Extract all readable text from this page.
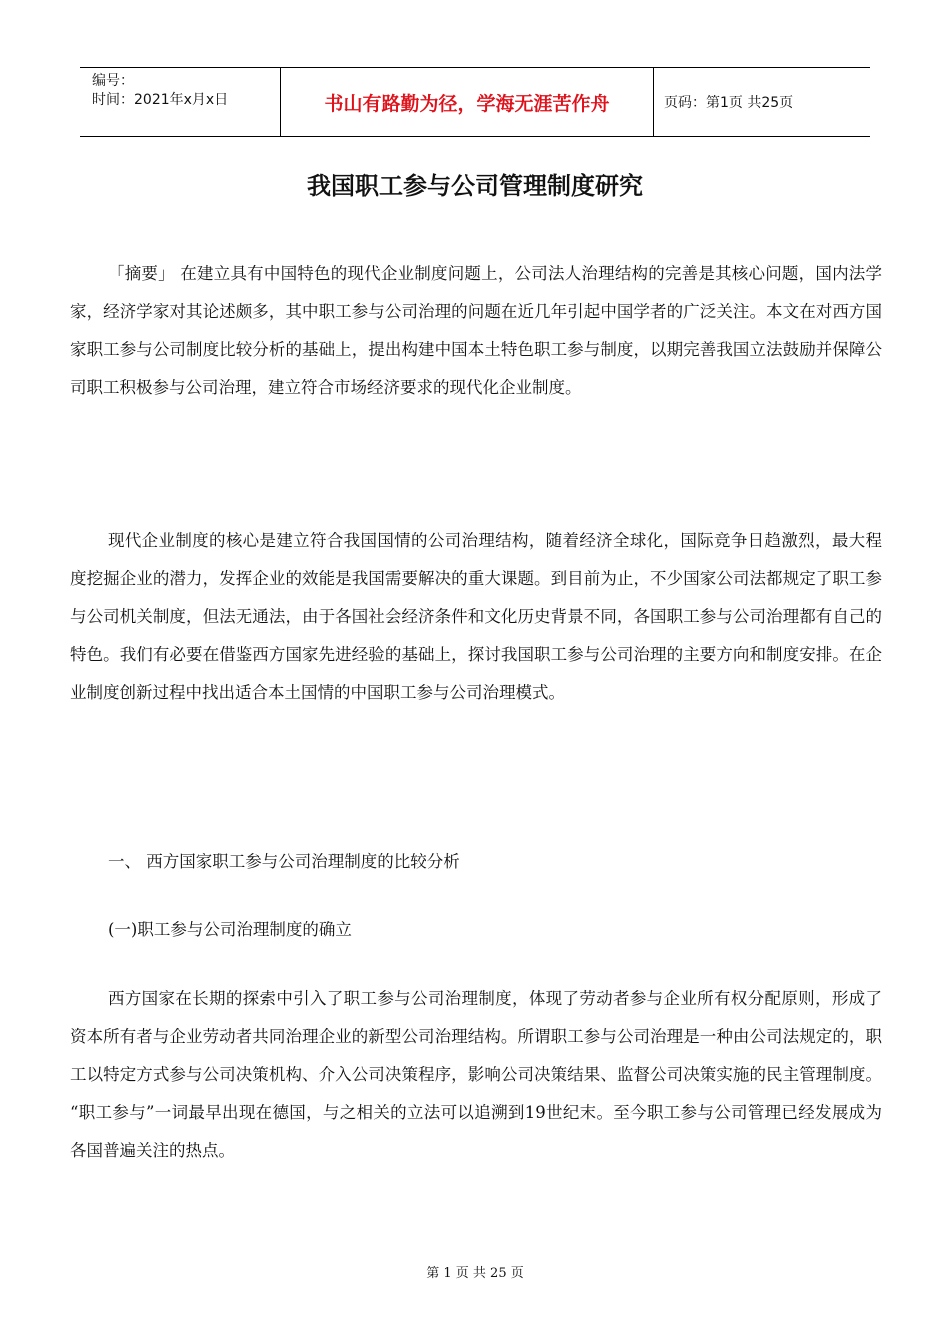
编号：
时间：2021年x月x日	书山有路勤为径，学海无涯苦作舟	页码：第1页 共25页
我国职工参与公司管理制度研究

「摘要」 在建立具有中国特色的现代企业制度问题上，公司法人治理结构的完善是其核心问题，国内法学家，经济学家对其论述颇多，其中职工参与公司治理的问题在近几年引起中国学者的广泛关注。本文在对西方国家职工参与公司制度比较分析的基础上，提出构建中国本土特色职工参与制度，以期完善我国立法鼓励并保障公司职工积极参与公司治理，建立符合市场经济要求的现代化企业制度。

现代企业制度的核心是建立符合我国国情的公司治理结构，随着经济全球化，国际竞争日趋激烈，最大程度挖掘企业的潜力，发挥企业的效能是我国需要解决的重大课题。到目前为止，不少国家公司法都规定了职工参与公司机关制度，但法无通法，由于各国社会经济条件和文化历史背景不同，各国职工参与公司治理都有自己的特色。我们有必要在借鉴西方国家先进经验的基础上，探讨我国职工参与公司治理的主要方向和制度安排。在企业制度创新过程中找出适合本土国情的中国职工参与公司治理模式。

一、 西方国家职工参与公司治理制度的比较分析

(一)职工参与公司治理制度的确立

西方国家在长期的探索中引入了职工参与公司治理制度，体现了劳动者参与企业所有权分配原则，形成了资本所有者与企业劳动者共同治理企业的新型公司治理结构。所谓职工参与公司治理是一种由公司法规定的，职工以特定方式参与公司决策机构、介入公司决策程序，影响公司决策结果、监督公司决策实施的民主管理制度。 “职工参与”一词最早出现在德国，与之相关的立法可以追溯到19世纪末。至今职工参与公司管理已经发展成为各国普遍关注的热点。

第 1 页 共 25 页
